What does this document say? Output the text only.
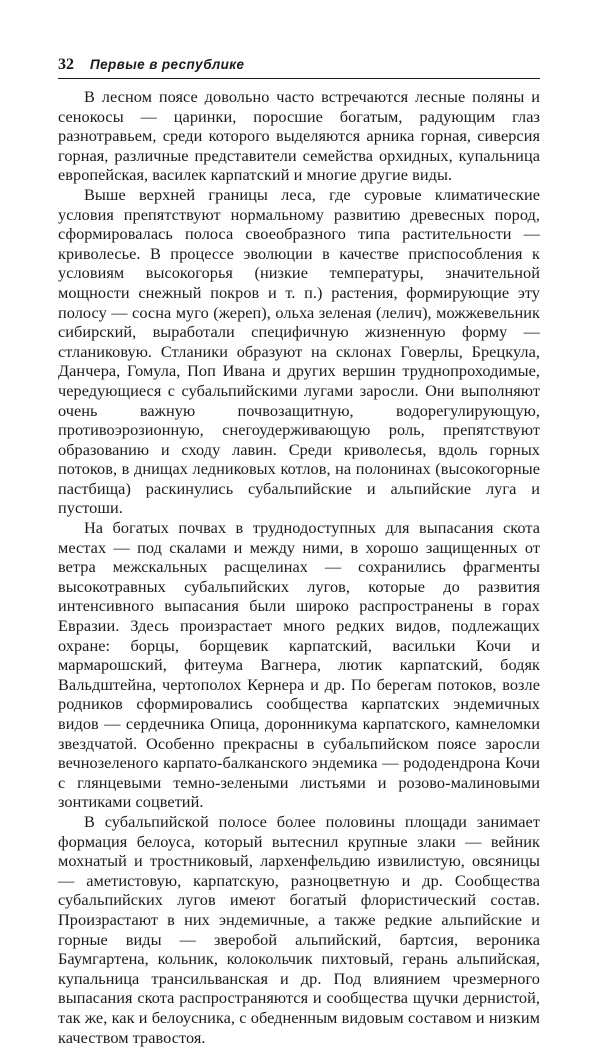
32 Первые в республике

В лесном поясе довольно часто встречаются лесные поляны и сенокосы — царинки, поросшие богатым, радующим глаз разнотравьем, среди которого выделяются арника горная, сиверсия горная, различные представители семейства орхидных, купальница европейская, василек карпатский и многие другие виды.

Выше верхней границы леса, где суровые климатические условия препятствуют нормальному развитию древесных пород, сформировалась полоса своеобразного типа растительности — криволесье. В процессе эволюции в качестве приспособления к условиям высокогорья (низкие температуры, значительной мощности снежный покров и т. п.) растения, формирующие эту полосу — сосна муго (жереп), ольха зеленая (лелич), можжевельник сибирский, выработали специфичную жизненную форму — стланиковую. Стланики образуют на склонах Говерлы, Брецкула, Данчера, Гомула, Поп Ивана и других вершин труднопроходимые, чередующиеся с субальпийскими лугами заросли. Они выполняют очень важную почвозащитную, водорегулирующую, противоэрозионную, снегоудерживающую роль, препятствуют образованию и сходу лавин. Среди криволесья, вдоль горных потоков, в днищах ледниковых котлов, на полонинах (высокогорные пастбища) раскинулись субальпийские и альпийские луга и пустоши.

На богатых почвах в труднодоступных для выпасания скота местах — под скалами и между ними, в хорошо защищенных от ветра межскальных расщелинах — сохранились фрагменты высокотравных субальпийских лугов, которые до развития интенсивного выпасания были широко распространены в горах Евразии. Здесь произрастает много редких видов, подлежащих охране: борцы, борщевик карпатский, васильки Кочи и мармарошский, фитеума Вагнера, лютик карпатский, бодяк Вальдштейна, чертополох Кернера и др. По берегам потоков, возле родников сформировались сообщества карпатских эндемичных видов — сердечника Опица, доронникума карпатского, камнеломки звездчатой. Особенно прекрасны в субальпийском поясе заросли вечнозеленого карпато-балканского эндемика — рододендрона Кочи с глянцевыми темно-зелеными листьями и розово-малиновыми зонтиками соцветий.

В субальпийской полосе более половины площади занимает формация белоуса, который вытеснил крупные злаки — вейник мохнатый и тростниковый, лархенфельдию извилистую, овсяницы — аметистовую, карпатскую, разноцветную и др. Сообщества субальпийских лугов имеют богатый флористический состав. Произрастают в них эндемичные, а также редкие альпийские и горные виды — зверобой альпийский, бартсия, вероника Баумгартена, кольник, колокольчик пихтовый, герань альпийская, купальница трансильванская и др. Под влиянием чрезмерного выпасания скота распространяются и сообщества щучки дернистой, так же, как и белоусника, с обедненным видовым составом и низким качеством травостоя.
